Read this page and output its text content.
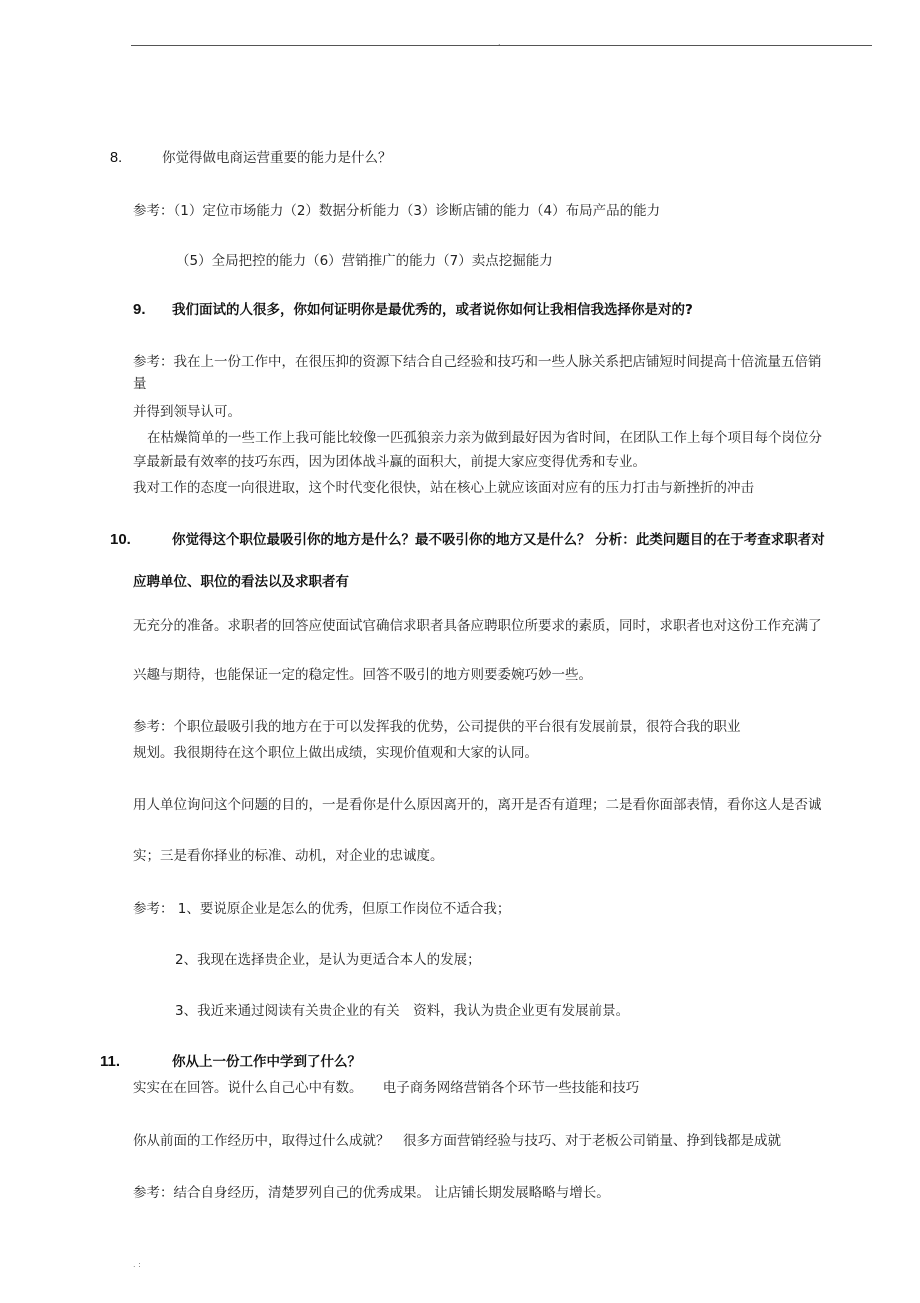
.
8.	你觉得做电商运营重要的能力是什么？
参考：（1）定位市场能力（2）数据分析能力（3）诊断店铺的能力（4）布局产品的能力
（5）全局把控的能力（6）营销推广的能力（7）卖点挖掘能力
9. 我们面试的人很多，你如何证明你是最优秀的，或者说你如何让我相信我选择你是对的?
参考：我在上一份工作中，在很压抑的资源下结合自己经验和技巧和一些人脉关系把店铺短时间提高十倍流量五倍销
量
并得到领导认可。
在枯燥简单的一些工作上我可能比较像一匹孤狼亲力亲为做到最好因为省时间，在团队工作上每个项目每个岗位分
享最新最有效率的技巧东西，因为团体战斗赢的面积大，前提大家应变得优秀和专业。
我对工作的态度一向很进取，这个时代变化很快，站在核心上就应该面对应有的压力打击与新挫折的冲击
10.	你觉得这个职位最吸引你的地方是什么？最不吸引你的地方又是什么？ 分析：此类问题目的在于考查求职者对
应聘单位、职位的看法以及求职者有
无充分的准备。求职者的回答应使面试官确信求职者具备应聘职位所要求的素质，同时，求职者也对这份工作充满了
兴趣与期待，也能保证一定的稳定性。回答不吸引的地方则要委婉巧妙一些。
参考：个职位最吸引我的地方在于可以发挥我的优势，公司提供的平台很有发展前景，很符合我的职业
规划。我很期待在这个职位上做出成绩，实现价值观和大家的认同。
用人单位询问这个问题的目的，一是看你是什么原因离开的，离开是否有道理；二是看你面部表情，看你这人是否诚
实；三是看你择业的标准、动机，对企业的忠诚度。
参考： 1、要说原企业是怎么的优秀，但原工作岗位不适合我；
2、我现在选择贵企业，是认为更适合本人的发展；
3、我近来通过阅读有关贵企业的有关　资料，我认为贵企业更有发展前景。
11.	你从上一份工作中学到了什么？
实实在在回答。说什么自己心中有数。　　电子商务网络营销各个环节一些技能和技巧
你从前面的工作经历中，取得过什么成就？　很多方面营销经验与技巧、对于老板公司销量、挣到钱都是成就
参考：结合自身经历，清楚罗列自己的优秀成果。 让店铺长期发展略略与增长。
. :
